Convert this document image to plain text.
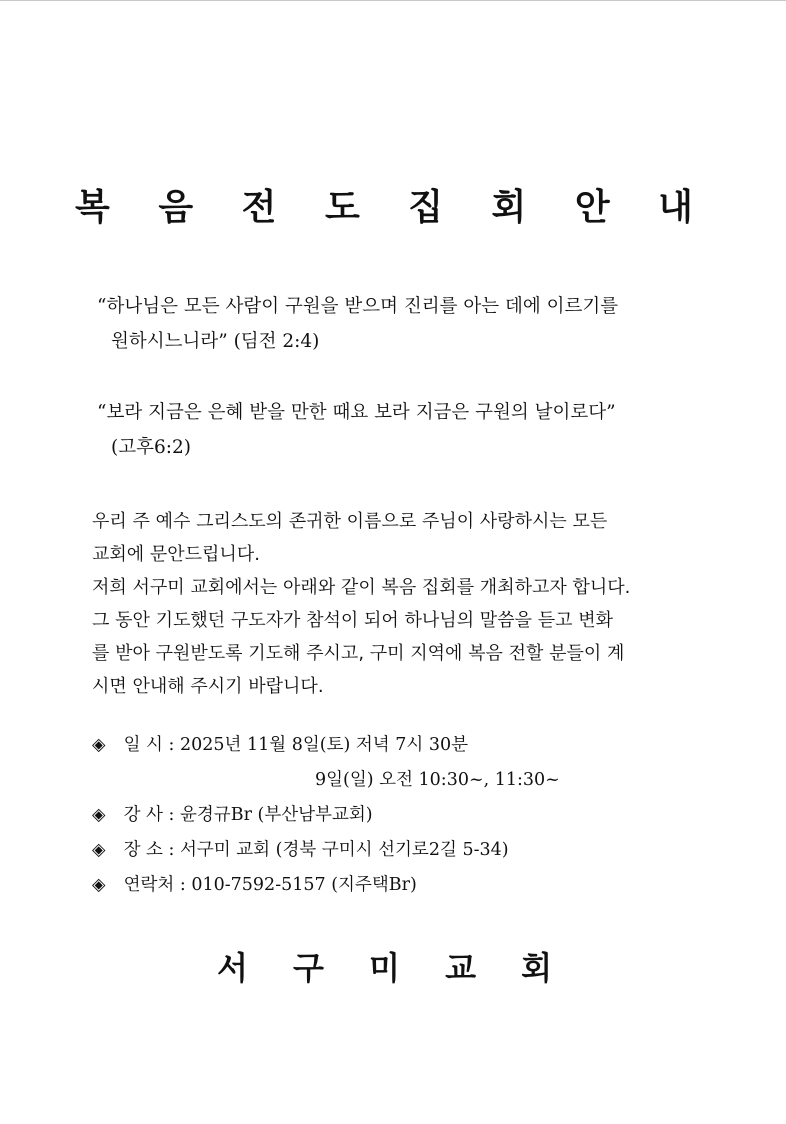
복 음 전 도 집 회 안 내
“하나님은 모든 사람이 구원을 받으며 진리를 아는 데에 이르기를
원하시느니라” (딤전 2:4)
“보라 지금은 은혜 받을 만한 때요 보라 지금은 구원의 날이로다”
(고후6:2)
우리 주 예수 그리스도의 존귀한 이름으로 주님이 사랑하시는 모든
교회에 문안드립니다.
저희 서구미 교회에서는 아래와 같이 복음 집회를 개최하고자 합니다.
그 동안 기도했던 구도자가 참석이 되어 하나님의 말씀을 듣고 변화
를 받아 구원받도록 기도해 주시고, 구미 지역에 복음 전할 분들이 계
시면 안내해 주시기 바랍니다.
◈ 일 시 : 2025년 11월 8일(토) 저녁 7시 30분
9일(일) 오전 10:30~, 11:30~
◈ 강 사 : 윤경규Br (부산남부교회)
◈ 장 소 : 서구미 교회 (경북 구미시 선기로2길 5-34)
◈ 연락처 : 010-7592-5157 (지주택Br)
서 구 미 교 회
